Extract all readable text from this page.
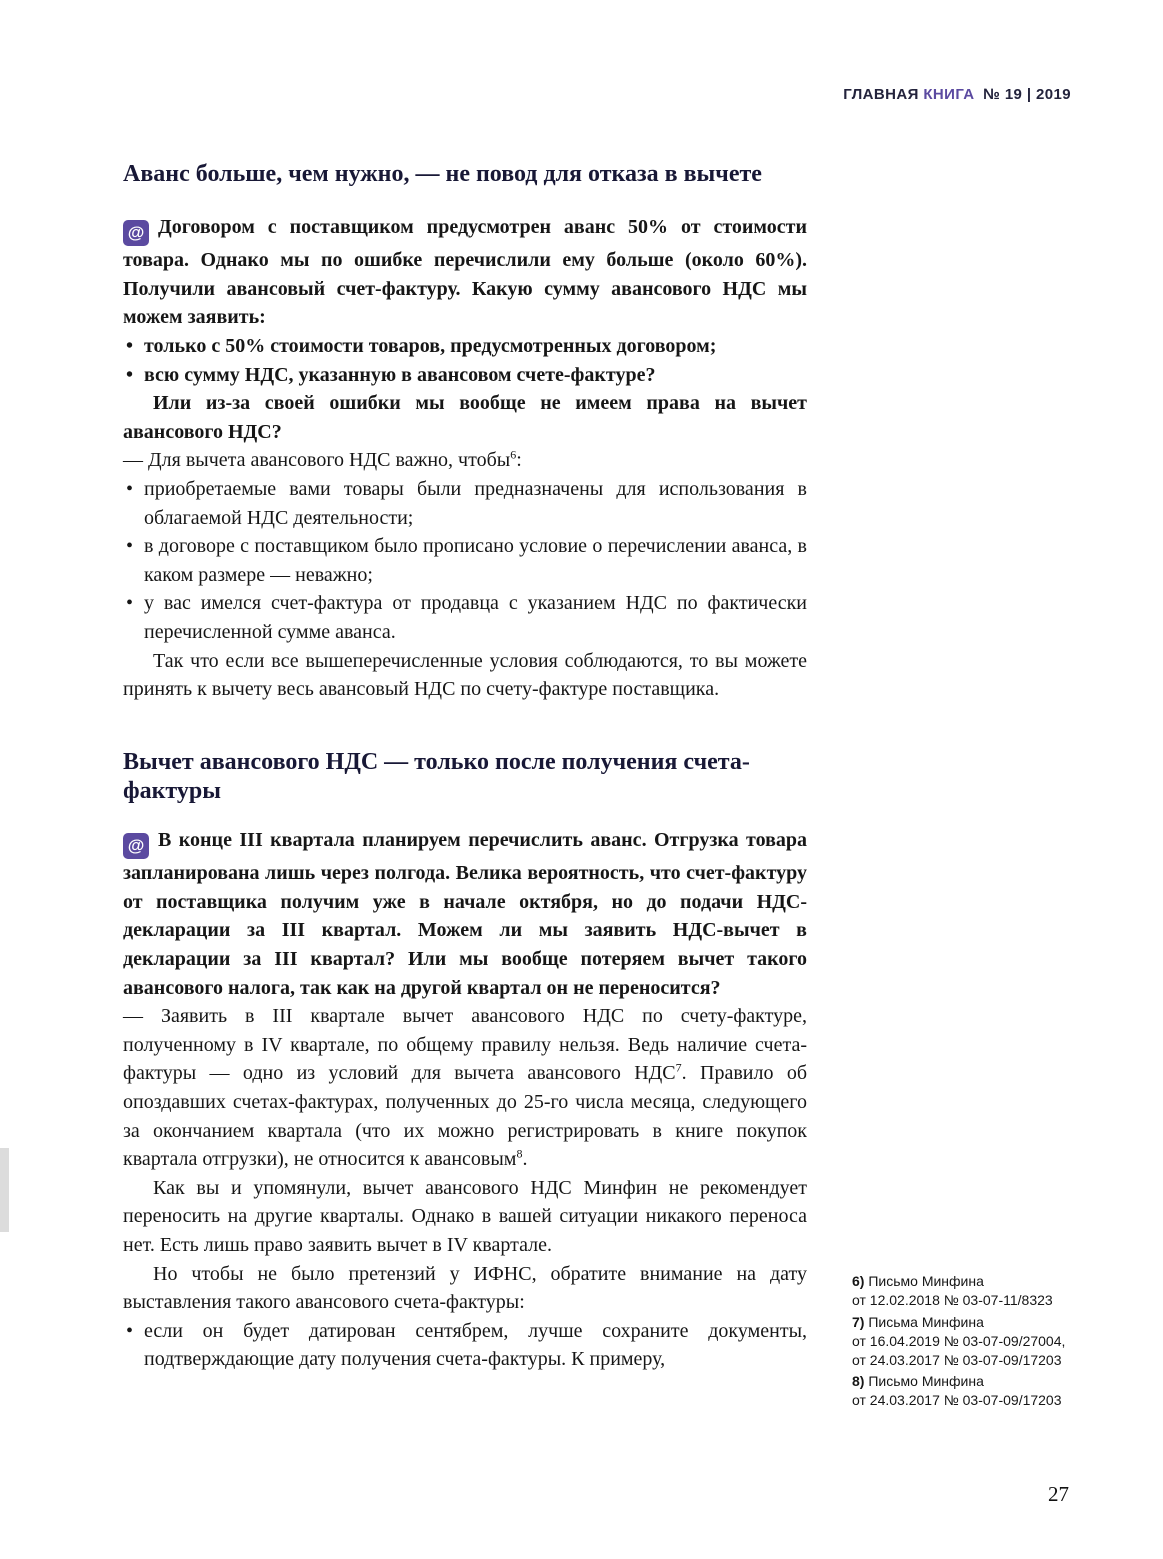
ГЛАВНАЯ КНИГА № 19 | 2019
Аванс больше, чем нужно, — не повод для отказа в вычете

@ Договором с поставщиком предусмотрен аванс 50% от стоимости товара. Однако мы по ошибке перечислили ему больше (около 60%). Получили авансовый счет-фактуру. Какую сумму авансового НДС мы можем заявить:

• только с 50% стоимости товаров, предусмотренных договором;

• всю сумму НДС, указанную в авансовом счете-фактуре?

Или из-за своей ошибки мы вообще не имеем права на вычет авансового НДС?

— Для вычета авансового НДС важно, чтобы$^6$:

• приобретаемые вами товары были предназначены для использования в облагаемой НДС деятельности;

• в договоре с поставщиком было прописано условие о перечислении аванса, в каком размере — неважно;

• у вас имелся счет-фактура от продавца с указанием НДС по фактически перечисленной сумме аванса.

Так что если все вышеперечисленные условия соблюдаются, то вы можете принять к вычету весь авансовый НДС по счету-фактуре поставщика.

Вычет авансового НДС — только после получения счета-фактуры

@ В конце III квартала планируем перечислить аванс. Отгрузка товара запланирована лишь через полгода. Велика вероятность, что счет-фактуру от поставщика получим уже в начале октября, но до подачи НДС-декларации за III квартал. Можем ли мы заявить НДС-вычет в декларации за III квартал? Или мы вообще потеряем вычет такого авансового налога, так как на другой квартал он не переносится?

— Заявить в III квартале вычет авансового НДС по счету-фактуре, полученному в IV квартале, по общему правилу нельзя. Ведь наличие счета-фактуры — одно из условий для вычета авансового НДС$^7$. Правило об опоздавших счетах-фактурах, полученных до 25-го числа месяца, следующего за окончанием квартала (что их можно регистрировать в книге покупок квартала отгрузки), не относится к авансовым$^8$.

Как вы и упомянули, вычет авансового НДС Минфин не рекомендует переносить на другие кварталы. Однако в вашей ситуации никакого переноса нет. Есть лишь право заявить вычет в IV квартале.

Но чтобы не было претензий у ИФНС, обратите внимание на дату выставления такого авансового счета-фактуры:

• если он будет датирован сентябрем, лучше сохраните документы, подтверждающие дату получения счета-фактуры. К примеру,

6) Письмо Минфина
от 12.02.2018 № 03-07-11/8323
7) Письма Минфина
от 16.04.2019 № 03-07-09/27004,
от 24.03.2017 № 03-07-09/17203
8) Письмо Минфина
от 24.03.2017 № 03-07-09/17203
27
